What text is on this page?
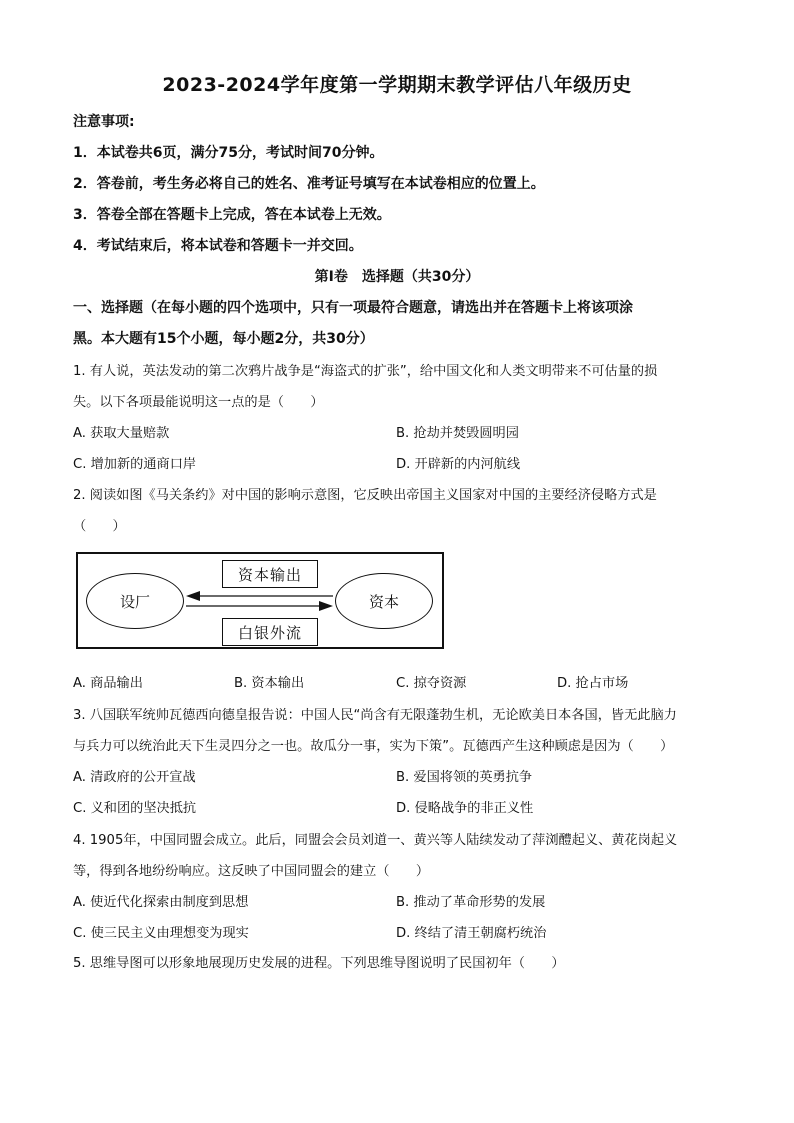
2023-2024学年度第一学期期末教学评估八年级历史
注意事项:
1．本试卷共6页，满分75分，考试时间70分钟。
2．答卷前，考生务必将自己的姓名、准考证号填写在本试卷相应的位置上。
3．答卷全部在答题卡上完成，答在本试卷上无效。
4．考试结束后，将本试卷和答题卡一并交回。
第Ⅰ卷　选择题（共30分）
一、选择题（在每小题的四个选项中，只有一项最符合题意，请选出并在答题卡上将该项涂
黑。本大题有15个小题，每小题2分，共30分）
1. 有人说，英法发动的第二次鸦片战争是“海盗式的扩张”，给中国文化和人类文明带来不可估量的损
失。以下各项最能说明这一点的是（　　）
A. 获取大量赔款	B. 抢劫并焚毁圆明园
C. 增加新的通商口岸	D. 开辟新的内河航线
2. 阅读如图《马关条约》对中国的影响示意图，它反映出帝国主义国家对中国的主要经济侵略方式是
（　　）
设厂	资本
资本输出
白银外流
A. 商品输出	B. 资本输出	C. 掠夺资源	D. 抢占市场
3. 八国联军统帅瓦德西向德皇报告说：中国人民“尚含有无限蓬勃生机，无论欧美日本各国，皆无此脑力
与兵力可以统治此天下生灵四分之一也。故瓜分一事，实为下策”。瓦德西产生这种顾虑是因为（　　）
A. 清政府的公开宣战	B. 爱国将领的英勇抗争
C. 义和团的坚决抵抗	D. 侵略战争的非正义性
4. 1905年，中国同盟会成立。此后，同盟会会员刘道一、黄兴等人陆续发动了萍浏醴起义、黄花岗起义
等，得到各地纷纷响应。这反映了中国同盟会的建立（　　）
A. 使近代化探索由制度到思想	B. 推动了革命形势的发展
C. 使三民主义由理想变为现实	D. 终结了清王朝腐朽统治
5. 思维导图可以形象地展现历史发展的进程。下列思维导图说明了民国初年（　　）
